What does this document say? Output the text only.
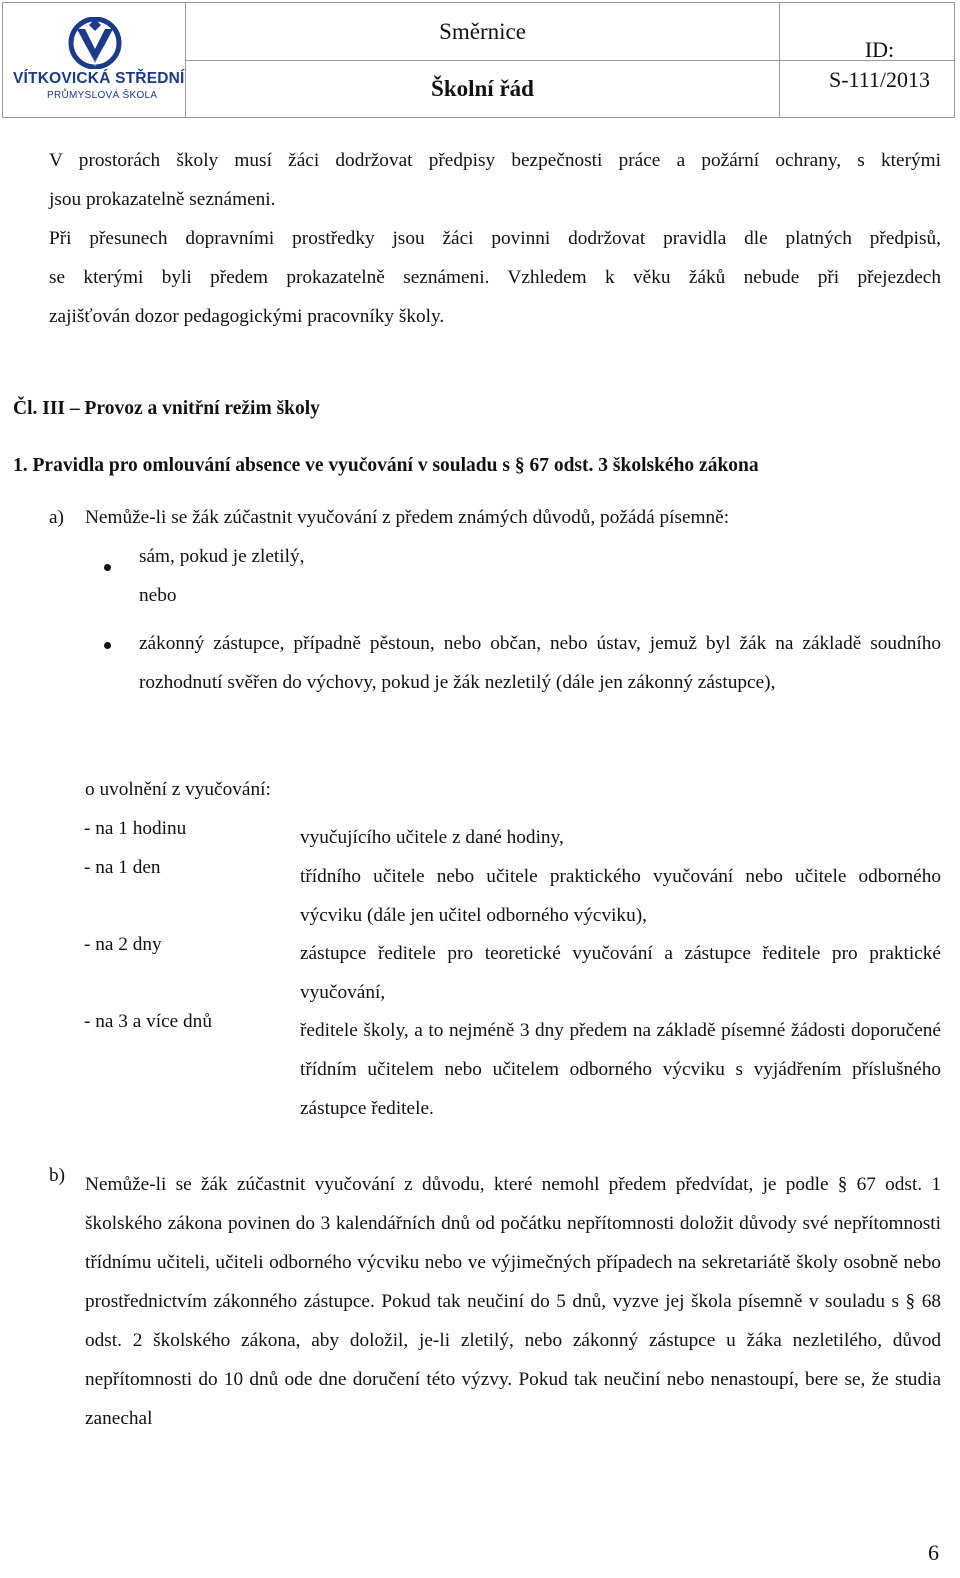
VÍTKOVICKÁ STŘEDNÍ
PRŮMYSLOVÁ ŠKOLA
Směrnice
Školní řád
ID:
S-111/2013
V prostorách školy musí žáci dodržovat předpisy bezpečnosti práce a požární ochrany, s kterými
jsou prokazatelně seznámeni.
Při přesunech dopravními prostředky jsou žáci povinni dodržovat pravidla dle platných předpisů,
se kterými byli předem prokazatelně seznámeni. Vzhledem k věku žáků nebude při přejezdech
zajišťován dozor pedagogickými pracovníky školy.
Čl. III – Provoz a vnitřní režim školy
1. Pravidla pro omlouvání absence ve vyučování v souladu s § 67 odst. 3 školského zákona
a) Nemůže-li se žák zúčastnit vyučování z předem známých důvodů, požádá písemně:
sám, pokud je zletilý,
nebo
zákonný zástupce, případně pěstoun, nebo občan, nebo ústav, jemuž byl žák na základě soudního rozhodnutí svěřen do výchovy, pokud je žák nezletilý (dále jen zákonný zástupce),
o uvolnění z vyučování:
- na 1 hodinu	vyučujícího učitele z dané hodiny,
- na 1 den	třídního učitele nebo učitele praktického vyučování nebo učitele odborného výcviku (dále jen učitel odborného výcviku),
- na 2 dny	zástupce ředitele pro teoretické vyučování a zástupce ředitele pro praktické vyučování,
- na 3 a více dnů	ředitele školy, a to nejméně 3 dny předem na základě písemné žádosti doporučené třídním učitelem nebo učitelem odborného výcviku s vyjádřením příslušného zástupce ředitele.
b) Nemůže-li se žák zúčastnit vyučování z důvodu, které nemohl předem předvídat, je podle § 67 odst. 1 školského zákona povinen do 3 kalendářních dnů od počátku nepřítomnosti doložit důvody své nepřítomnosti třídnímu učiteli, učiteli odborného výcviku nebo ve výjimečných případech na sekretariátě školy osobně nebo prostřednictvím zákonného zástupce. Pokud tak neučiní do 5 dnů, vyzve jej škola písemně v souladu s § 68 odst. 2 školského zákona, aby doložil, je-li zletilý, nebo zákonný zástupce u žáka nezletilého, důvod nepřítomnosti do 10 dnů ode dne doručení této výzvy. Pokud tak neučiní nebo nenastoupí, bere se, že studia zanechal
6
